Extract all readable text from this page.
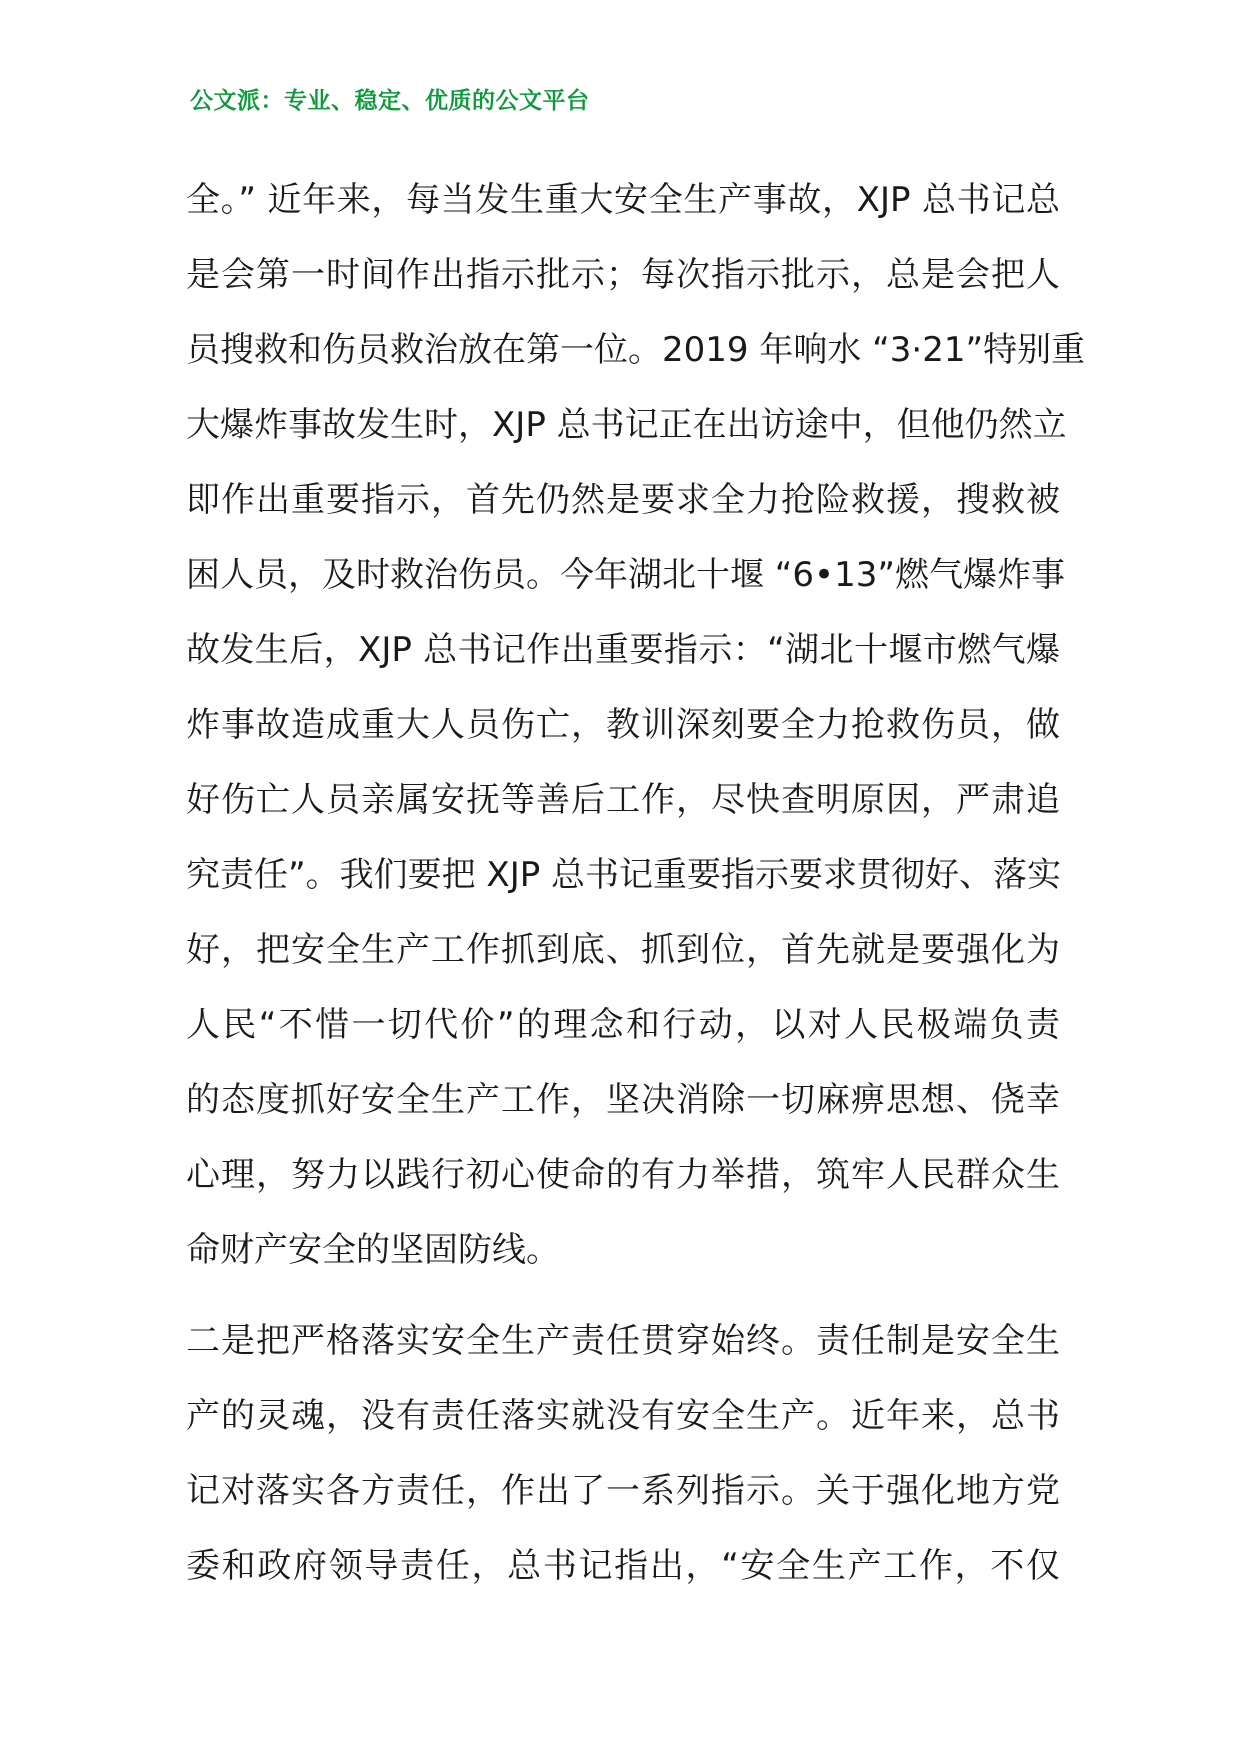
公文派：专业、稳定、优质的公文平台
全。” 近年来，每当发生重大安全生产事故，XJP 总书记总
是会第一时间作出指示批示；每次指示批示，总是会把人
员搜救和伤员救治放在第一位。2019 年响水 “3·21”特别重
大爆炸事故发生时，XJP 总书记正在出访途中，但他仍然立
即作出重要指示，首先仍然是要求全力抢险救援，搜救被
困人员，及时救治伤员。今年湖北十堰 “6•13”燃气爆炸事
故发生后，XJP 总书记作出重要指示：“湖北十堰市燃气爆
炸事故造成重大人员伤亡，教训深刻要全力抢救伤员，做
好伤亡人员亲属安抚等善后工作，尽快查明原因，严肃追
究责任”。我们要把 XJP 总书记重要指示要求贯彻好、落实
好，把安全生产工作抓到底、抓到位，首先就是要强化为
人民“不惜一切代价”的理念和行动，以对人民极端负责
的态度抓好安全生产工作，坚决消除一切麻痹思想、侥幸
心理，努力以践行初心使命的有力举措，筑牢人民群众生
命财产安全的坚固防线。
二是把严格落实安全生产责任贯穿始终。责任制是安全生
产的灵魂，没有责任落实就没有安全生产。近年来，总书
记对落实各方责任，作出了一系列指示。关于强化地方党
委和政府领导责任，总书记指出，“安全生产工作，不仅
